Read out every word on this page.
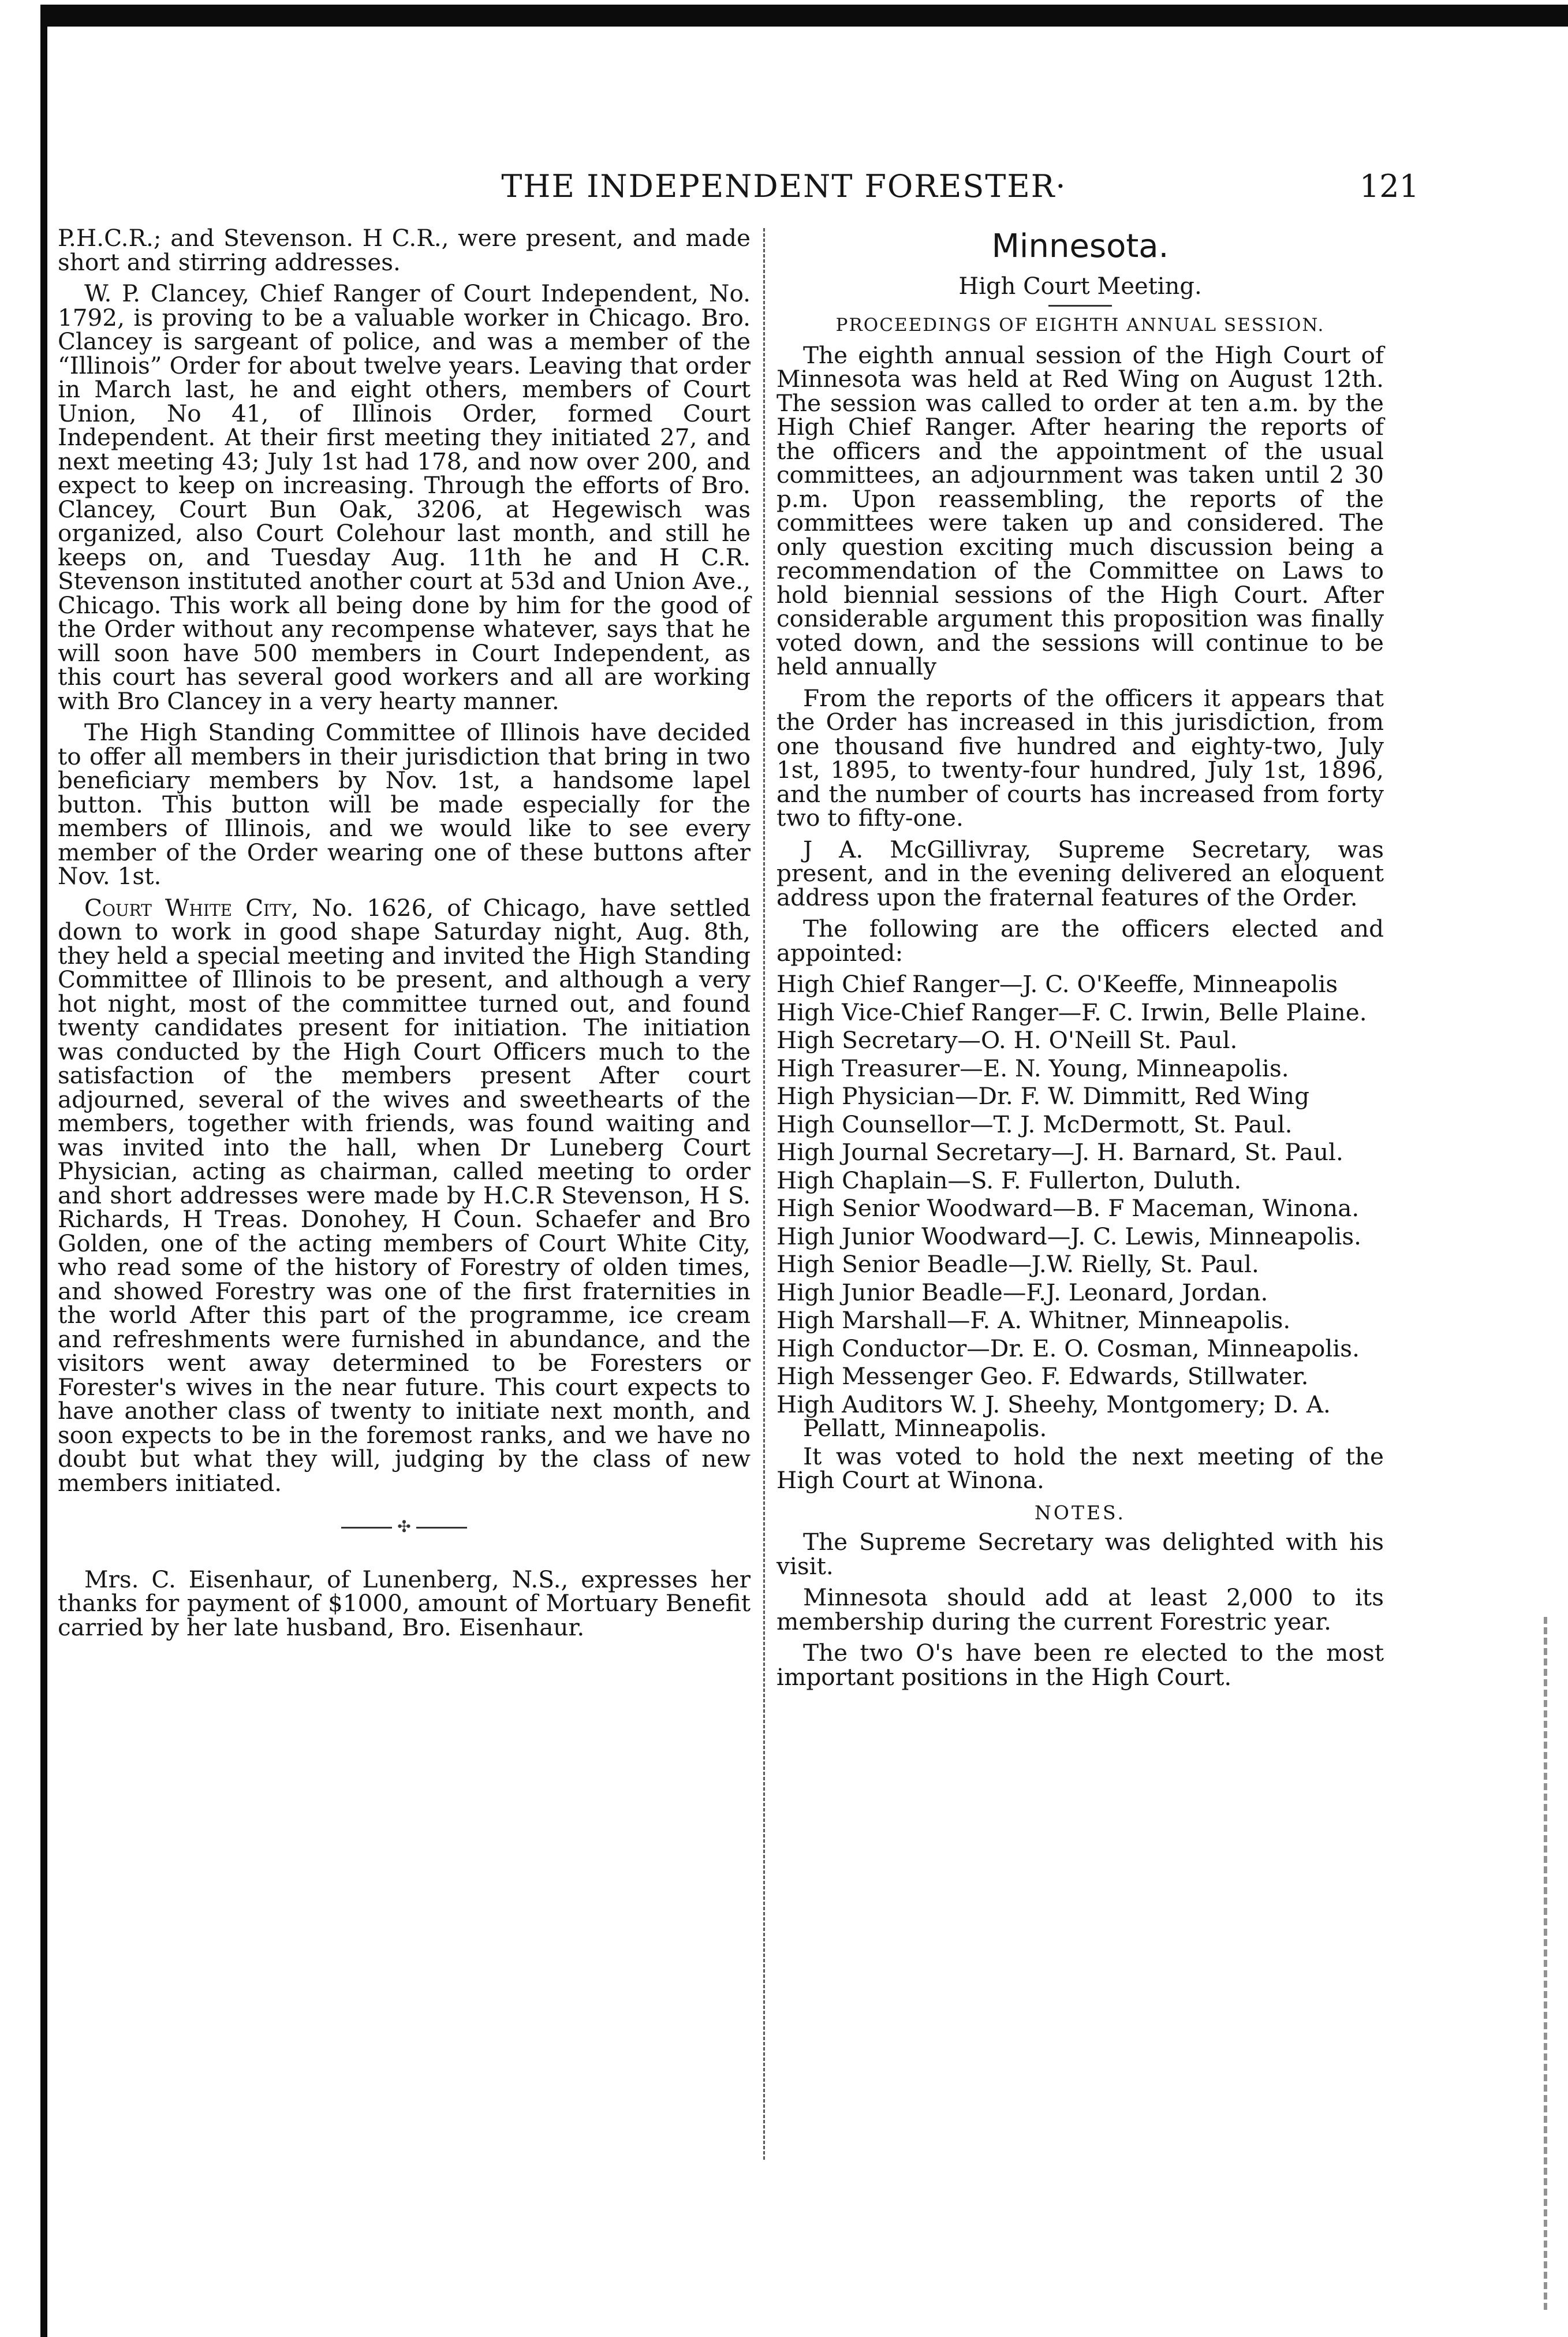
THE INDEPENDENT FORESTER·	121

P.H.C.R.; and Stevenson. H C.R., were present, and made short and stirring addresses.

W. P. Clancey, Chief Ranger of Court Independent, No. 1792, is proving to be a valuable worker in Chicago. Bro. Clancey is sargeant of police, and was a member of the “Illinois” Order for about twelve years. Leaving that order in March last, he and eight others, members of Court Union, No 41, of Illinois Order, formed Court Independent. At their first meeting they initiated 27, and next meeting 43; July 1st had 178, and now over 200, and expect to keep on increasing. Through the efforts of Bro. Clancey, Court Bun Oak, 3206, at Hegewisch was organized, also Court Colehour last month, and still he keeps on, and Tuesday Aug. 11th he and H C.R. Stevenson instituted another court at 53d and Union Ave., Chicago. This work all being done by him for the good of the Order without any recompense whatever, says that he will soon have 500 members in Court Independent, as this court has several good workers and all are working with Bro Clancey in a very hearty manner.

The High Standing Committee of Illinois have decided to offer all members in their jurisdiction that bring in two beneficiary members by Nov. 1st, a handsome lapel button. This button will be made especially for the members of Illinois, and we would like to see every member of the Order wearing one of these buttons after Nov. 1st.

Court White City, No. 1626, of Chicago, have settled down to work in good shape Saturday night, Aug. 8th, they held a special meeting and invited the High Standing Committee of Illinois to be present, and although a very hot night, most of the committee turned out, and found twenty candidates present for initiation. The initiation was conducted by the High Court Officers much to the satisfaction of the members present After court adjourned, several of the wives and sweethearts of the members, together with friends, was found waiting and was invited into the hall, when Dr Luneberg Court Physician, acting as chairman, called meeting to order and short addresses were made by H.C.R Stevenson, H S. Richards, H Treas. Donohey, H Coun. Schaefer and Bro Golden, one of the acting members of Court White City, who read some of the history of Forestry of olden times, and showed Forestry was one of the first fraternities in the world After this part of the programme, ice cream and refreshments were furnished in abundance, and the visitors went away determined to be Foresters or Forester's wives in the near future. This court expects to have another class of twenty to initiate next month, and soon expects to be in the foremost ranks, and we have no doubt but what they will, judging by the class of new members initiated.

✣

Mrs. C. Eisenhaur, of Lunenberg, N.S., expresses her thanks for payment of $1000, amount of Mortuary Benefit carried by her late husband, Bro. Eisenhaur.

Minnesota.
High Court Meeting.
PROCEEDINGS OF EIGHTH ANNUAL SESSION.

The eighth annual session of the High Court of Minnesota was held at Red Wing on August 12th. The session was called to order at ten a.m. by the High Chief Ranger. After hearing the reports of the officers and the appointment of the usual committees, an adjournment was taken until 2 30 p.m. Upon reassembling, the reports of the committees were taken up and considered. The only question exciting much discussion being a recommendation of the Committee on Laws to hold biennial sessions of the High Court. After considerable argument this proposition was finally voted down, and the sessions will continue to be held annually

From the reports of the officers it appears that the Order has increased in this jurisdiction, from one thousand five hundred and eighty-two, July 1st, 1895, to twenty-four hundred, July 1st, 1896, and the number of courts has increased from forty two to fifty-one.

J A. McGillivray, Supreme Secretary, was present, and in the evening delivered an eloquent address upon the fraternal features of the Order.

The following are the officers elected and appointed:

High Chief Ranger—J. C. O'Keeffe, Minneapolis

High Vice-Chief Ranger—F. C. Irwin, Belle Plaine.

High Secretary—O. H. O'Neill St. Paul.

High Treasurer—E. N. Young, Minneapolis.

High Physician—Dr. F. W. Dimmitt, Red Wing

High Counsellor—T. J. McDermott, St. Paul.

High Journal Secretary—J. H. Barnard, St. Paul.

High Chaplain—S. F. Fullerton, Duluth.

High Senior Woodward—B. F Maceman, Winona.

High Junior Woodward—J. C. Lewis, Minneapolis.

High Senior Beadle—J.W. Rielly, St. Paul.

High Junior Beadle—F.J. Leonard, Jordan.

High Marshall—F. A. Whitner, Minneapolis.

High Conductor—Dr. E. O. Cosman, Minneapolis.

High Messenger Geo. F. Edwards, Stillwater.

High Auditors W. J. Sheehy, Montgomery; D. A. Pellatt, Minneapolis.

It was voted to hold the next meeting of the High Court at Winona.

NOTES.

The Supreme Secretary was delighted with his visit.

Minnesota should add at least 2,000 to its membership during the current Forestric year.

The two O's have been re elected to the most important positions in the High Court.
